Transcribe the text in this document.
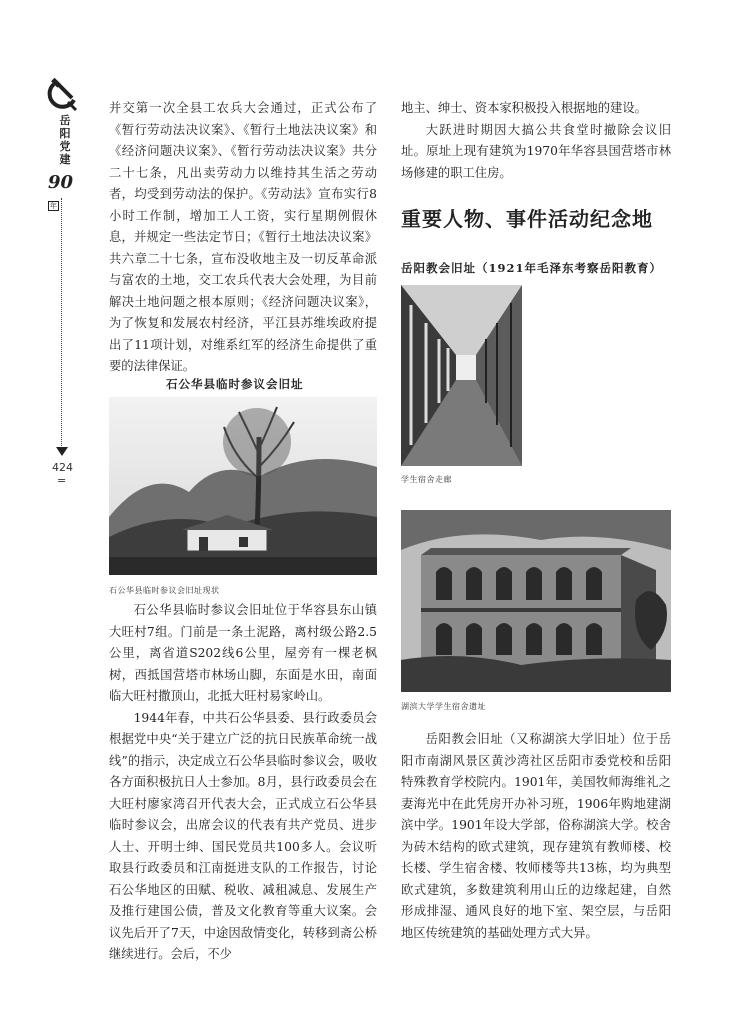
岳
阳
党
建
90年
424
=

并交第一次全县工农兵大会通过，正式公布了《暂行劳动法决议案》、《暂行土地法决议案》和《经济问题决议案》、《暂行劳动法决议案》共分二十七条，凡出卖劳动力以维持其生活之劳动者，均受到劳动法的保护。《劳动法》宣布实行8小时工作制，增加工人工资，实行星期例假休息，并规定一些法定节日；《暂行土地法决议案》共六章二十七条，宣布没收地主及一切反革命派与富农的土地，交工农兵代表大会处理，为目前解决土地问题之根本原则；《经济问题决议案》，为了恢复和发展农村经济，平江县苏维埃政府提出了11项计划，对维系红军的经济生命提供了重要的法律保证。

石公华县临时参议会旧址
石公华县临时参议会旧址现状

石公华县临时参议会旧址位于华容县东山镇大旺村7组。门前是一条土泥路，离村级公路2.5公里，离省道S202线6公里，屋旁有一棵老枫树，西抵国营塔市林场山脚，东面是水田，南面临大旺村撒顶山，北抵大旺村易家岭山。

1944年春，中共石公华县委、县行政委员会根据党中央“关于建立广泛的抗日民族革命统一战线”的指示，决定成立石公华县临时参议会，吸收各方面积极抗日人士参加。8月，县行政委员会在大旺村廖家湾召开代表大会，正式成立石公华县临时参议会，出席会议的代表有共产党员、进步人士、开明士绅、国民党员共100多人。会议听取县行政委员和江南挺进支队的工作报告，讨论石公华地区的田赋、税收、减租减息、发展生产及推行建国公债，普及文化教育等重大议案。会议先后开了7天，中途因敌情变化，转移到斋公桥继续进行。会后，不少

地主、绅士、资本家积极投入根据地的建设。

大跃进时期因大搞公共食堂时撤除会议旧址。原址上现有建筑为1970年华容县国营塔市林场修建的职工住房。

重要人物、事件活动纪念地
岳阳教会旧址（1921年毛泽东考察岳阳教育）
学生宿舍走廊
湖滨大学学生宿舍遗址

岳阳教会旧址（又称湖滨大学旧址）位于岳阳市南湖风景区黄沙湾社区岳阳市委党校和岳阳特殊教育学校院内。1901年，美国牧师海维礼之妻海光中在此凭房开办补习班，1906年购地建湖滨中学。1901年设大学部，俗称湖滨大学。校舍为砖木结构的欧式建筑，现存建筑有教师楼、校长楼、学生宿舍楼、牧师楼等共13栋，均为典型欧式建筑，多数建筑利用山丘的边缘起建，自然形成排湿、通风良好的地下室、架空层，与岳阳地区传统建筑的基础处理方式大异。
